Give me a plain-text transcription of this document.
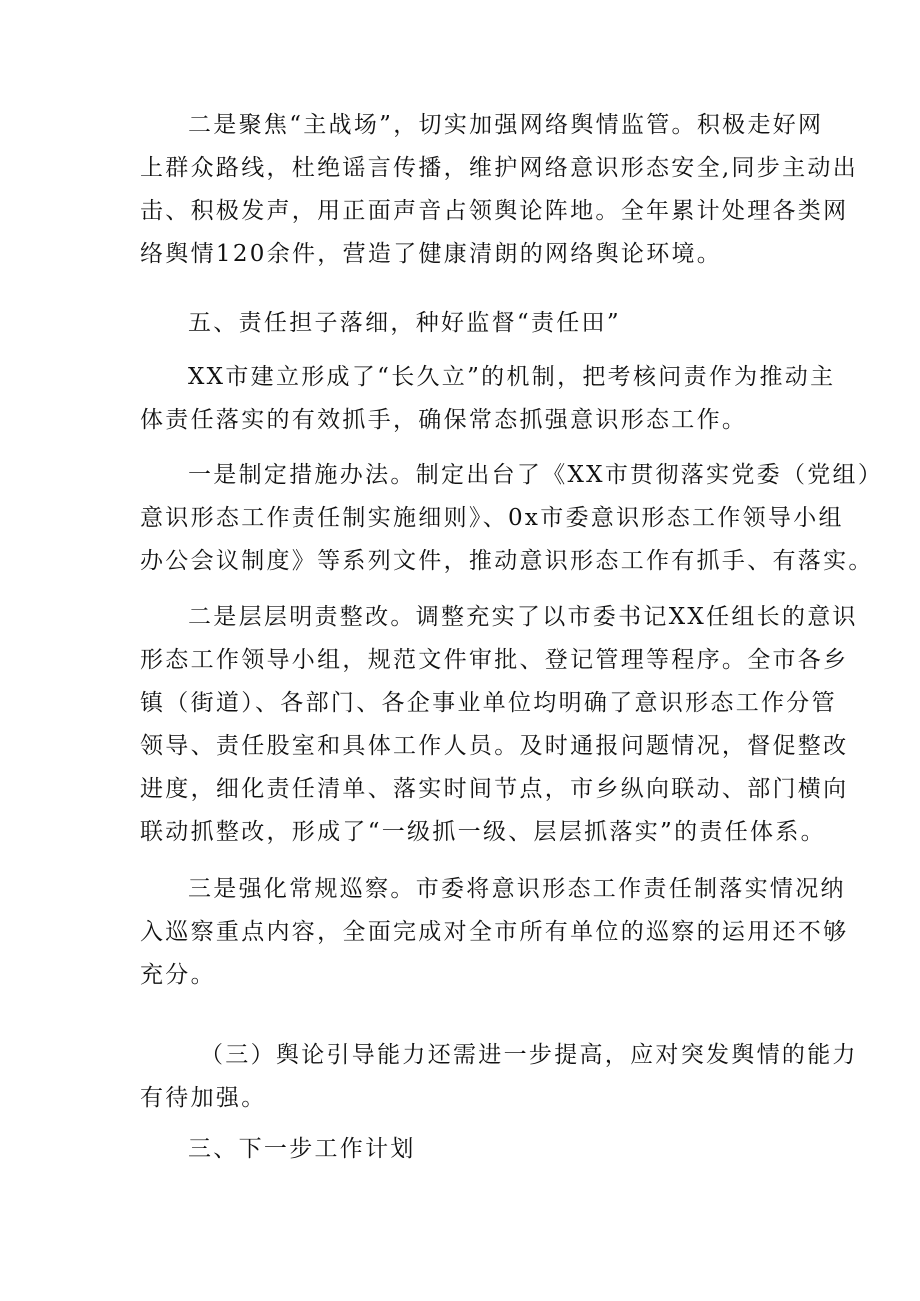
二是聚焦“主战场”，切实加强网络舆情监管。积极走好网
上群众路线，杜绝谣言传播，维护网络意识形态安全,同步主动出
击、积极发声，用正面声音占领舆论阵地。全年累计处理各类网
络舆情120余件，营造了健康清朗的网络舆论环境。

五、责任担子落细，种好监督“责任田”

XX市建立形成了“长久立”的机制，把考核问责作为推动主
体责任落实的有效抓手，确保常态抓强意识形态工作。

一是制定措施办法。制定出台了《XX市贯彻落实党委（党组）
意识形态工作责任制实施细则》、0x市委意识形态工作领导小组
办公会议制度》等系列文件，推动意识形态工作有抓手、有落实。

二是层层明责整改。调整充实了以市委书记XX任组长的意识
形态工作领导小组，规范文件审批、登记管理等程序。全市各乡
镇（街道）、各部门、各企事业单位均明确了意识形态工作分管
领导、责任股室和具体工作人员。及时通报问题情况，督促整改
进度，细化责任清单、落实时间节点，市乡纵向联动、部门横向
联动抓整改，形成了“一级抓一级、层层抓落实”的责任体系。

三是强化常规巡察。市委将意识形态工作责任制落实情况纳
入巡察重点内容，全面完成对全市所有单位的巡察的运用还不够
充分。

（三）舆论引导能力还需进一步提高，应对突发舆情的能力
有待加强。

三、下一步工作计划
